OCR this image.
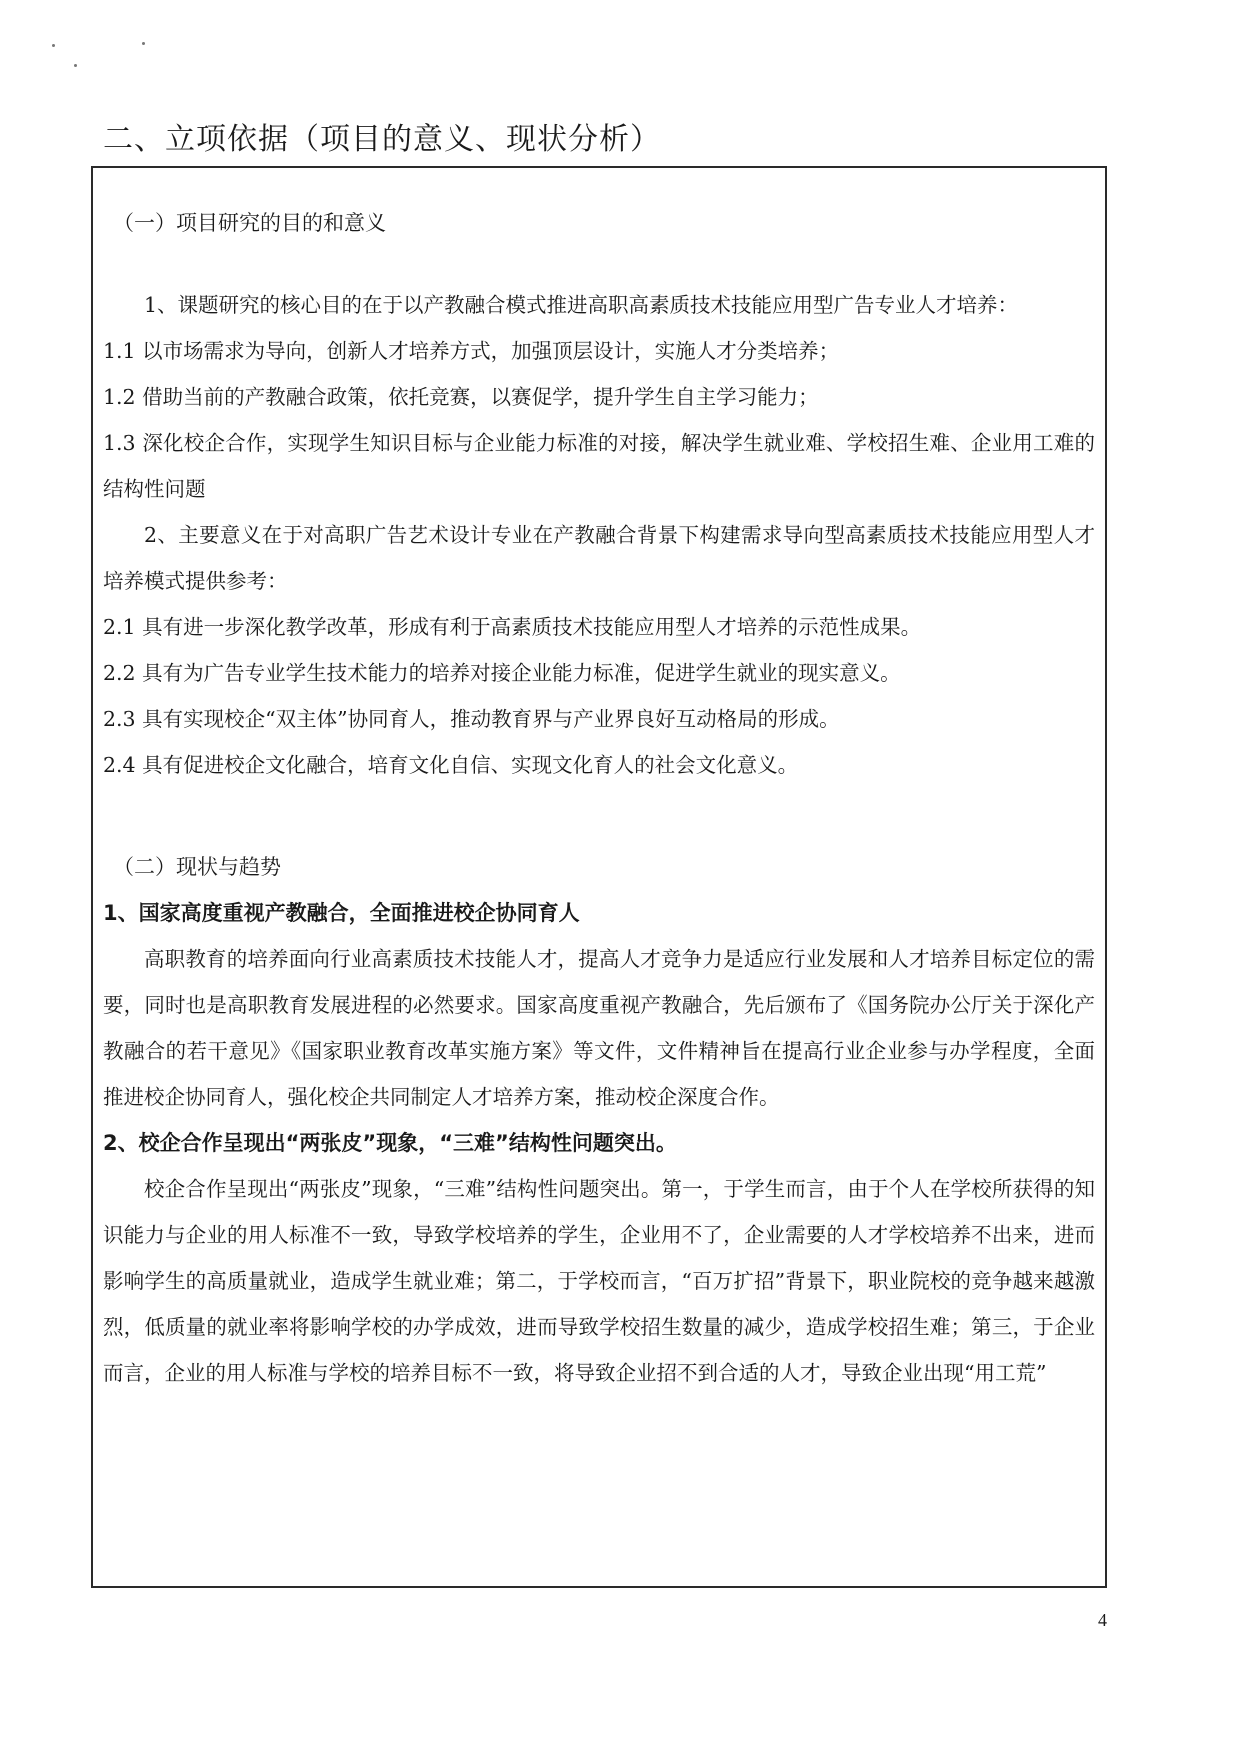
二、立项依据（项目的意义、现状分析）

（一）项目研究的目的和意义

1、课题研究的核心目的在于以产教融合模式推进高职高素质技术技能应用型广告专业人才培养：

1.1 以市场需求为导向，创新人才培养方式，加强顶层设计，实施人才分类培养；

1.2 借助当前的产教融合政策，依托竞赛，以赛促学，提升学生自主学习能力；

1.3 深化校企合作，实现学生知识目标与企业能力标准的对接，解决学生就业难、学校招生难、企业用工难的结构性问题

2、主要意义在于对高职广告艺术设计专业在产教融合背景下构建需求导向型高素质技术技能应用型人才培养模式提供参考：

2.1 具有进一步深化教学改革，形成有利于高素质技术技能应用型人才培养的示范性成果。

2.2 具有为广告专业学生技术能力的培养对接企业能力标准，促进学生就业的现实意义。

2.3 具有实现校企“双主体”协同育人，推动教育界与产业界良好互动格局的形成。

2.4 具有促进校企文化融合，培育文化自信、实现文化育人的社会文化意义。

（二）现状与趋势

1、国家高度重视产教融合，全面推进校企协同育人

高职教育的培养面向行业高素质技术技能人才，提高人才竞争力是适应行业发展和人才培养目标定位的需要，同时也是高职教育发展进程的必然要求。国家高度重视产教融合，先后颁布了《国务院办公厅关于深化产教融合的若干意见》《国家职业教育改革实施方案》等文件，文件精神旨在提高行业企业参与办学程度，全面推进校企协同育人，强化校企共同制定人才培养方案，推动校企深度合作。

2、校企合作呈现出“两张皮”现象，“三难”结构性问题突出。

校企合作呈现出“两张皮”现象，“三难”结构性问题突出。第一，于学生而言，由于个人在学校所获得的知识能力与企业的用人标准不一致，导致学校培养的学生，企业用不了，企业需要的人才学校培养不出来，进而影响学生的高质量就业，造成学生就业难；第二，于学校而言，“百万扩招”背景下，职业院校的竞争越来越激烈，低质量的就业率将影响学校的办学成效，进而导致学校招生数量的减少，造成学校招生难；第三，于企业而言，企业的用人标准与学校的培养目标不一致，将导致企业招不到合适的人才，导致企业出现“用工荒”

4
